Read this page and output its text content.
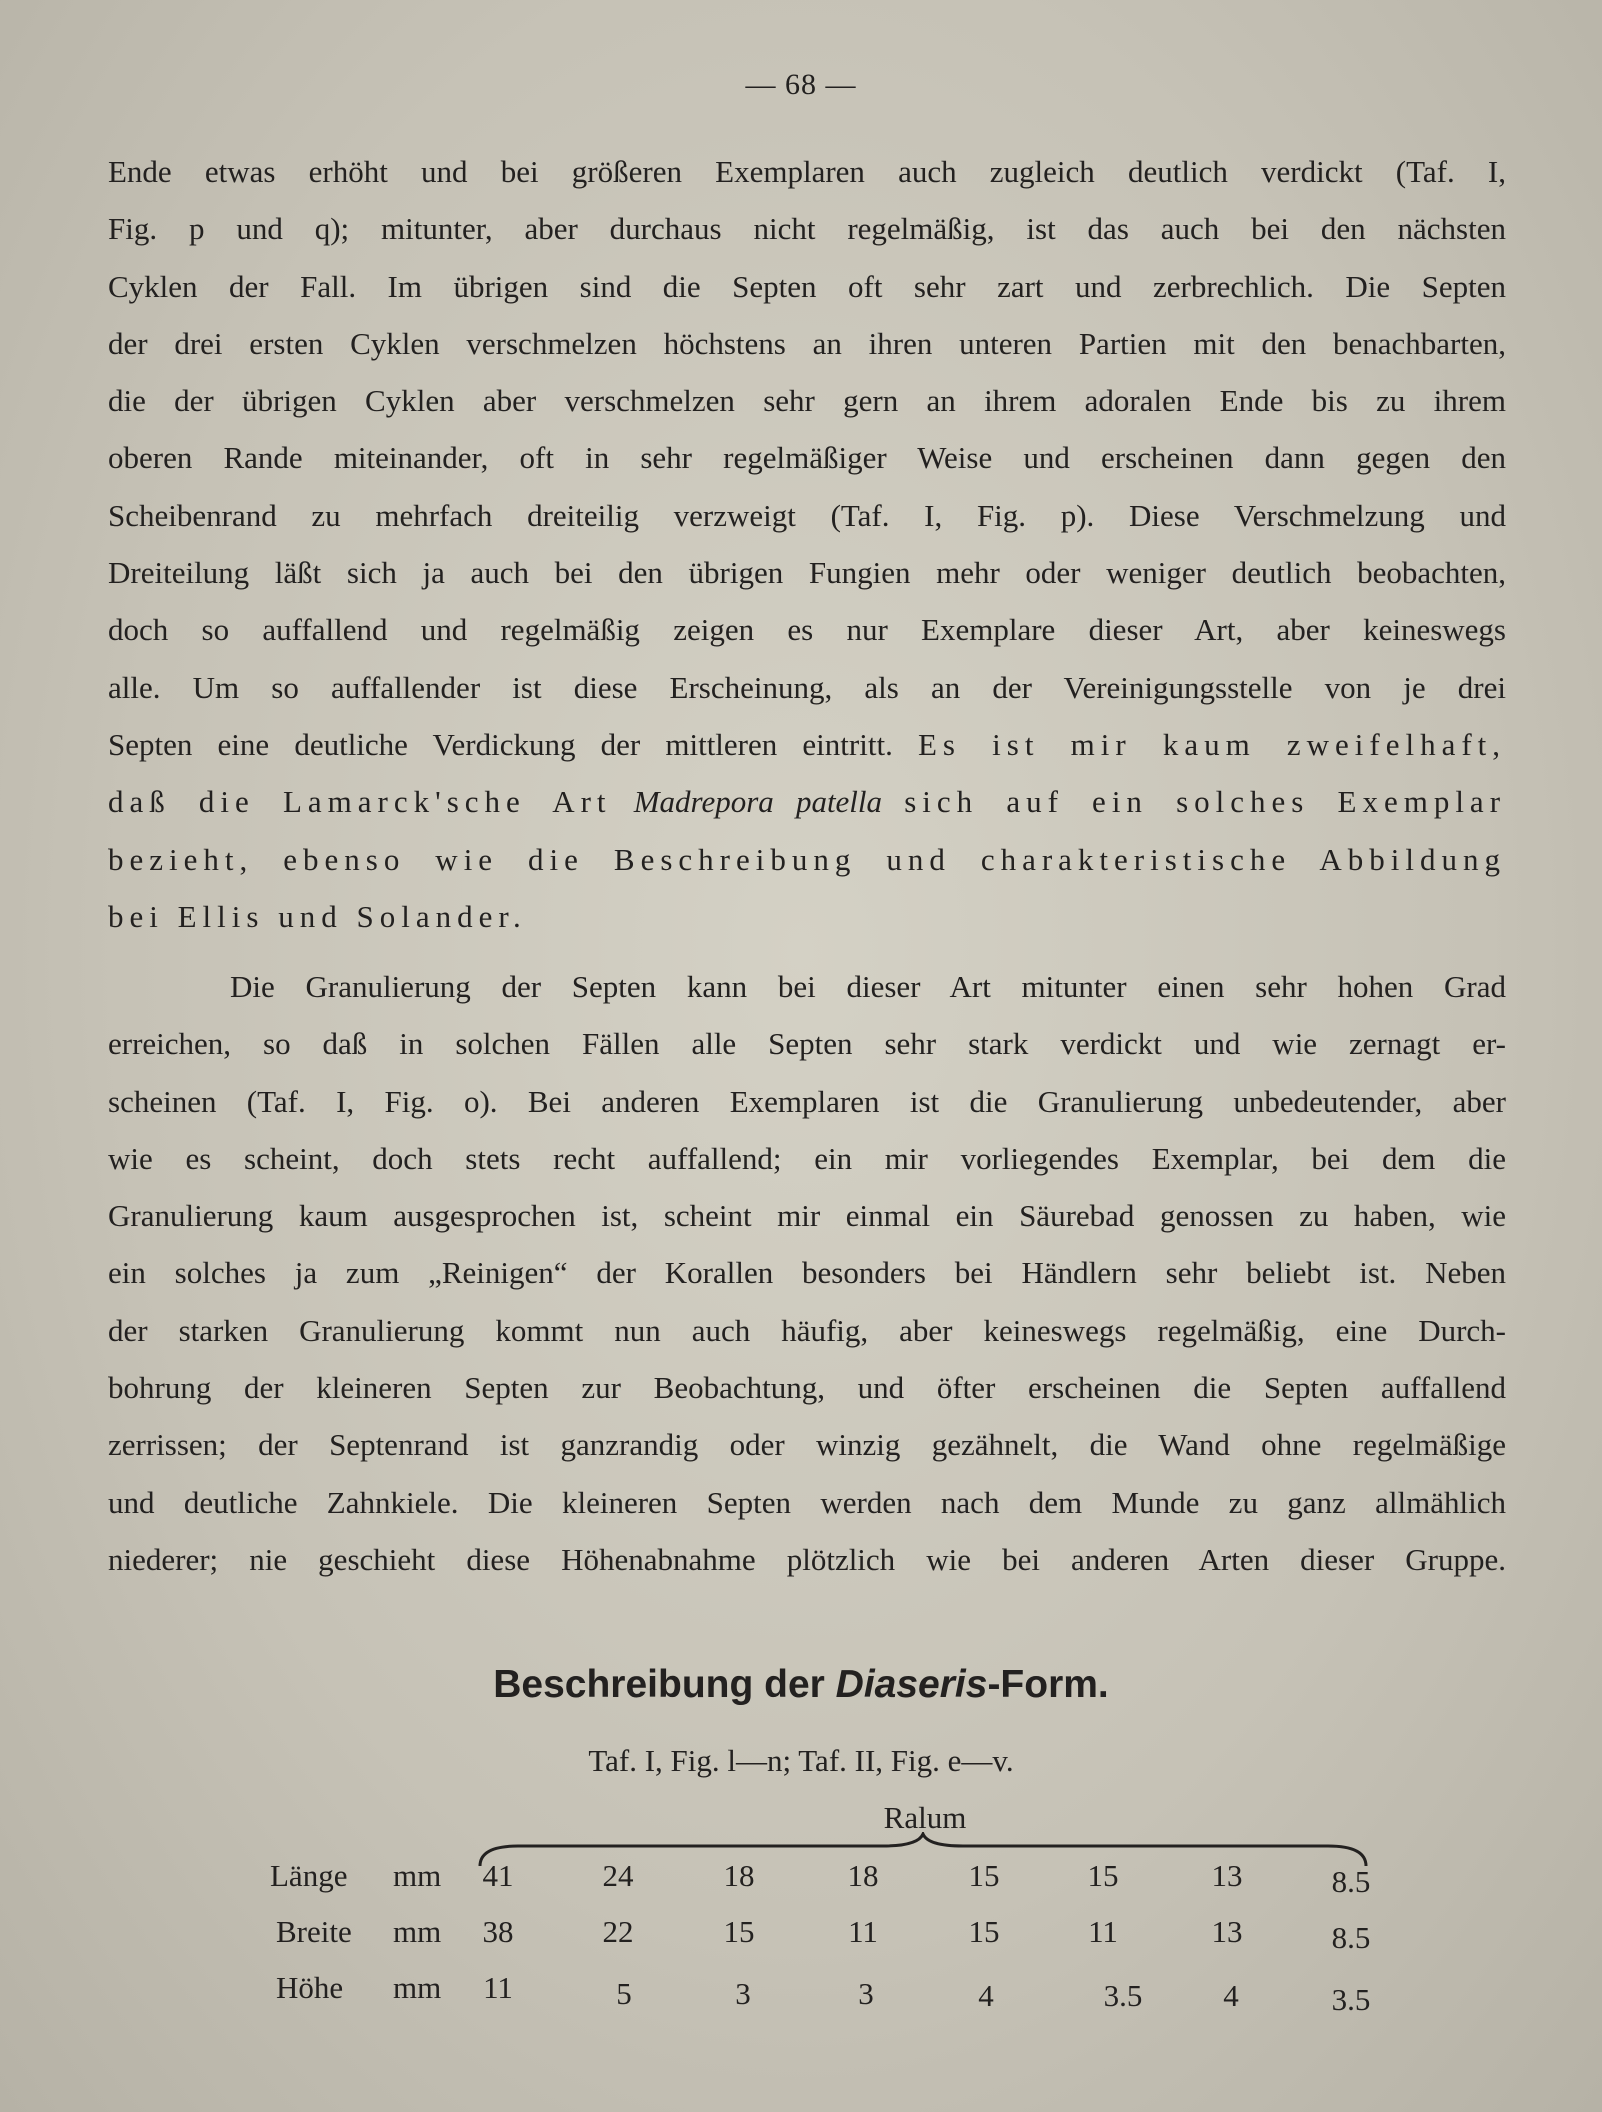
— 68 —
Ende etwas erhöht und bei größeren Exemplaren auch zugleich deutlich verdickt (Taf. I,
Fig. p und q); mitunter, aber durchaus nicht regelmäßig, ist das auch bei den nächsten
Cyklen der Fall. Im übrigen sind die Septen oft sehr zart und zerbrechlich. Die Septen
der drei ersten Cyklen verschmelzen höchstens an ihren unteren Partien mit den benachbarten,
die der übrigen Cyklen aber verschmelzen sehr gern an ihrem adoralen Ende bis zu ihrem
oberen Rande miteinander, oft in sehr regelmäßiger Weise und erscheinen dann gegen den
Scheibenrand zu mehrfach dreiteilig verzweigt (Taf. I, Fig. p). Diese Verschmelzung und
Dreiteilung läßt sich ja auch bei den übrigen Fungien mehr oder weniger deutlich beobachten,
doch so auffallend und regelmäßig zeigen es nur Exemplare dieser Art, aber keineswegs
alle. Um so auffallender ist diese Erscheinung, als an der Vereinigungsstelle von je drei
Septen eine deutliche Verdickung der mittleren eintritt. Es ist mir kaum zweifelhaft,
daß die Lamarck'sche Art Madrepora patella sich auf ein solches Exemplar
bezieht, ebenso wie die Beschreibung und charakteristische Abbildung
bei Ellis und Solander.
Die Granulierung der Septen kann bei dieser Art mitunter einen sehr hohen Grad
erreichen, so daß in solchen Fällen alle Septen sehr stark verdickt und wie zernagt er-
scheinen (Taf. I, Fig. o). Bei anderen Exemplaren ist die Granulierung unbedeutender, aber
wie es scheint, doch stets recht auffallend; ein mir vorliegendes Exemplar, bei dem die
Granulierung kaum ausgesprochen ist, scheint mir einmal ein Säurebad genossen zu haben, wie
ein solches ja zum „Reinigen“ der Korallen besonders bei Händlern sehr beliebt ist. Neben
der starken Granulierung kommt nun auch häufig, aber keineswegs regelmäßig, eine Durch-
bohrung der kleineren Septen zur Beobachtung, und öfter erscheinen die Septen auffallend
zerrissen; der Septenrand ist ganzrandig oder winzig gezähnelt, die Wand ohne regelmäßige
und deutliche Zahnkiele. Die kleineren Septen werden nach dem Munde zu ganz allmählich
niederer; nie geschieht diese Höhenabnahme plötzlich wie bei anderen Arten dieser Gruppe.
Beschreibung der Diaseris-Form.
Taf. I, Fig. l—n; Taf. II, Fig. e—v.
Ralum
Länge mm	41	24	18	18	15	15	13	8.5
Breite mm	38	22	15	11	15	11	13	8.5
Höhe mm	11	5	3	3	4	3.5	4	3.5
